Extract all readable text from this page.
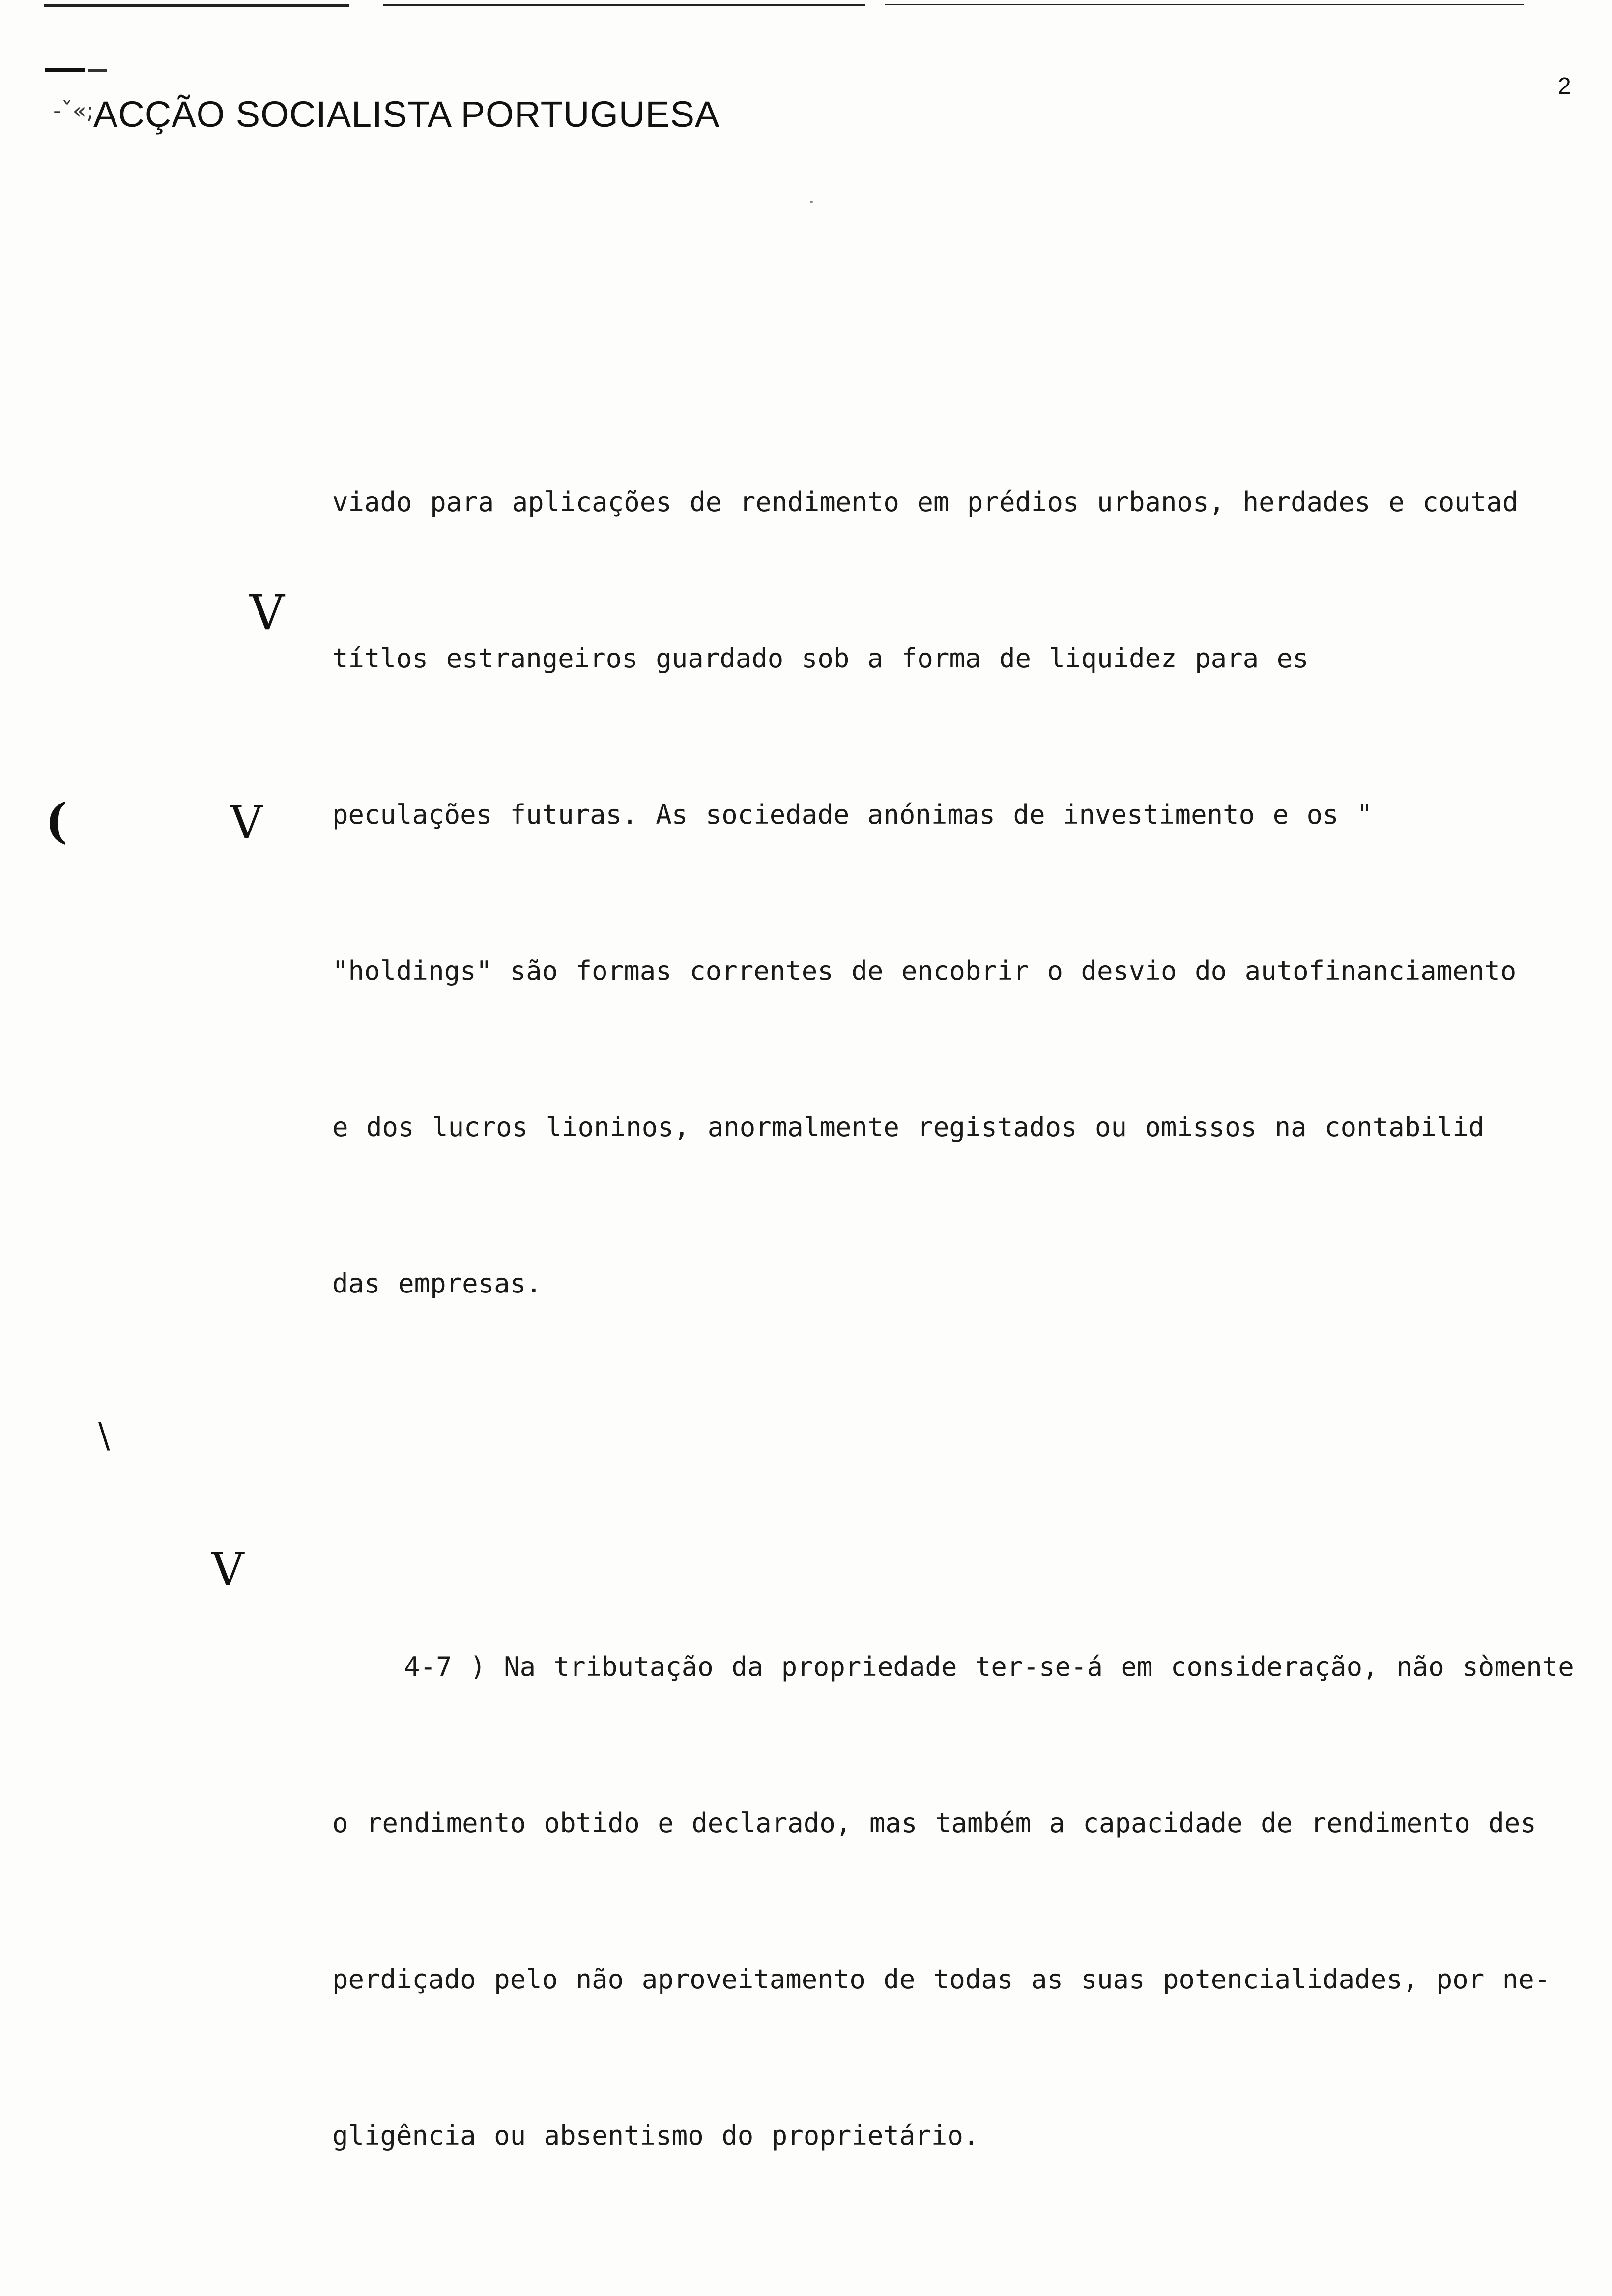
-ˇ«;
ACÇÃO SOCIALISTA PORTUGUESA
2
V
(	V
\
V

viado para aplicações de rendimento em prédios urbanos, herdades e coutad

títlos estrangeiros guardado sob a forma de liquidez para es

peculações futuras. As sociedade anónimas de investimento e os "

"holdings" são formas correntes de encobrir o desvio do autofinanciamento

e dos lucros lioninos, anormalmente registados ou omissos na contabilid

das empresas.

4-7 ) Na tributação da propriedade ter-se-á em consideração, não sòmente

o rendimento obtido e declarado, mas também a capacidade de rendimento des

perdiçado pelo não aproveitamento de todas as suas potencialidades, por ne-

gligência ou absentismo do proprietário.
